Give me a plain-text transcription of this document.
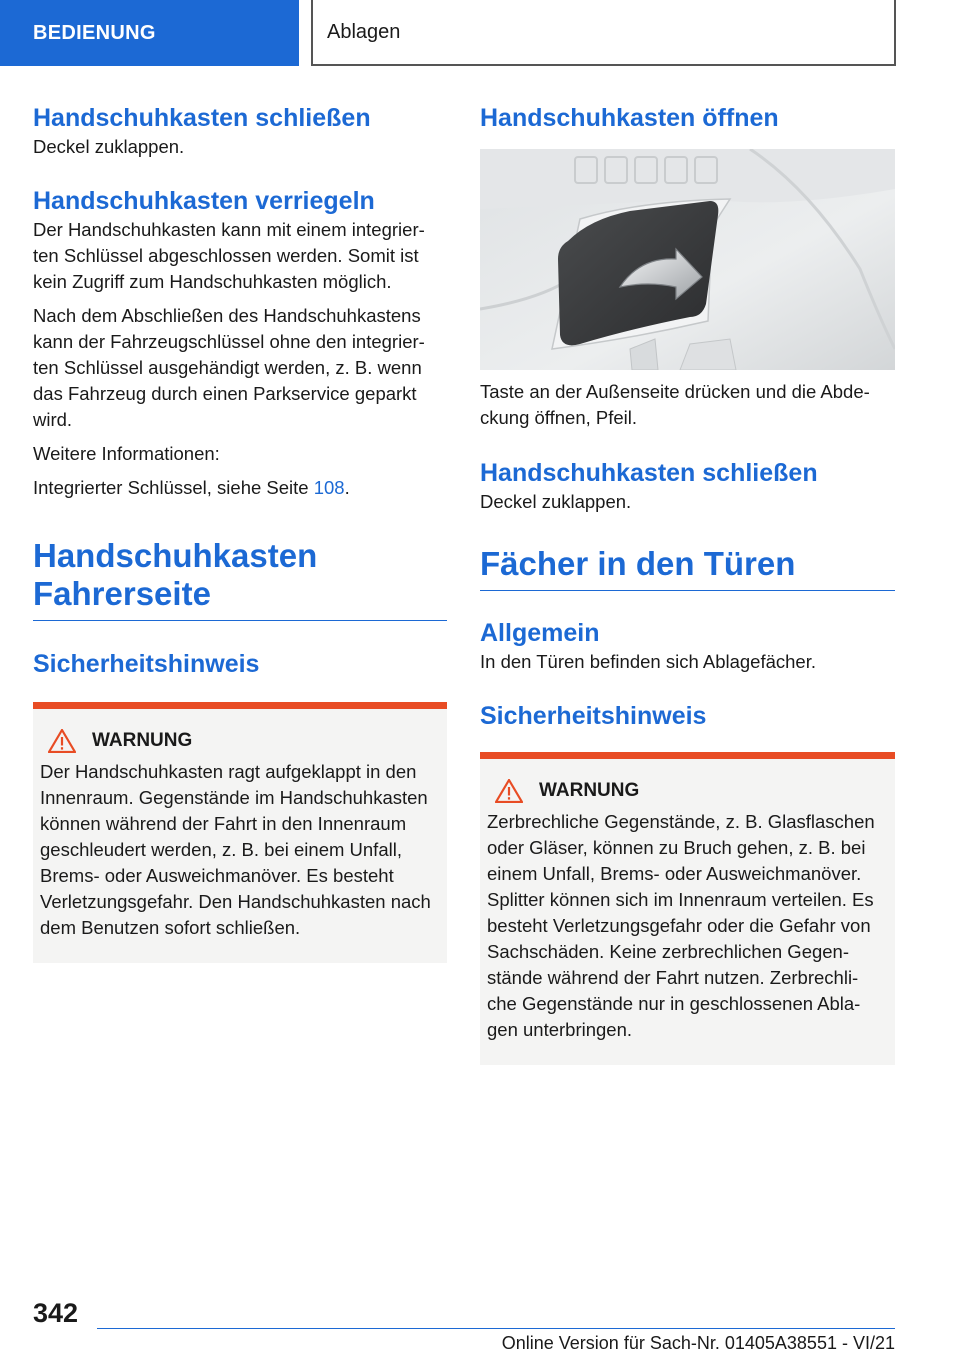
BEDIENUNG	Ablagen
Handschuhkasten schließen

Deckel zuklappen.

Handschuhkasten verriegeln

Der Handschuhkasten kann mit einem integrier‐ten Schlüssel abgeschlossen werden. Somit ist kein Zugriff zum Handschuhkasten möglich.

Nach dem Abschließen des Handschuhkastens kann der Fahrzeugschlüssel ohne den integrier‐ten Schlüssel ausgehändigt werden, z. B. wenn das Fahrzeug durch einen Parkservice geparkt wird.

Weitere Informationen:

Integrierter Schlüssel, siehe Seite 108.

Handschuhkasten Fahrerseite
Sicherheitshinweis
WARNUNG

Der Handschuhkasten ragt aufgeklappt in den Innenraum. Gegenstände im Handschuhkasten können während der Fahrt in den Innenraum geschleudert werden, z. B. bei einem Unfall, Brems- oder Ausweichmanöver. Es besteht Verletzungsgefahr. Den Handschuhkasten nach dem Benutzen sofort schließen.

Handschuhkasten öffnen

Taste an der Außenseite drücken und die Abde‐ckung öffnen, Pfeil.

Handschuhkasten schließen

Deckel zuklappen.

Fächer in den Türen
Allgemein

In den Türen befinden sich Ablagefächer.

Sicherheitshinweis
WARNUNG

Zerbrechliche Gegenstände, z. B. Glasflaschen oder Gläser, können zu Bruch gehen, z. B. bei einem Unfall, Brems- oder Ausweichmanöver. Splitter können sich im Innenraum verteilen. Es besteht Verletzungsgefahr oder die Gefahr von Sachschäden. Keine zerbrechlichen Gegen‐stände während der Fahrt nutzen. Zerbrechli‐che Gegenstände nur in geschlossenen Abla‐gen unterbringen.

342
Online Version für Sach-Nr. 01405A38551 - VI/21
